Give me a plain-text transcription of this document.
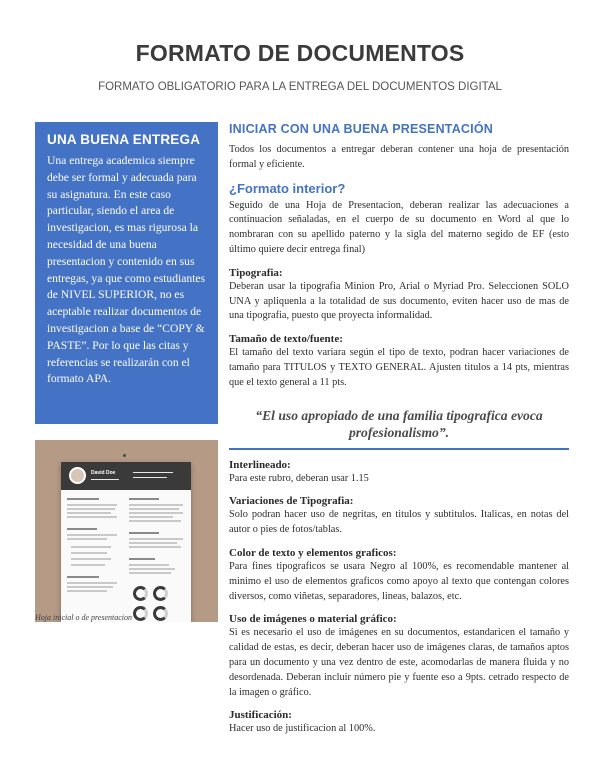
FORMATO DE DOCUMENTOS

FORMATO OBLIGATORIO PARA LA ENTREGA DEL DOCUMENTOS DIGITAL

UNA BUENA ENTREGA

Una entrega academica siempre debe ser formal y adecuada para su asignatura. En este caso particular, siendo el area de investigacion, es mas rigurosa la necesidad de una buena presentacion y contenido en sus entregas, ya que como estudiantes de NIVEL SUPERIOR, no es aceptable realizar documentos de investigacion a base de “COPY & PASTE”. Por lo que las citas y referencias se realizarán con el formato APA.

David Doe

Hoja inicial o de presentacion

INICIAR CON UNA BUENA PRESENTACIÓN

Todos los documentos a entregar deberan contener una hoja de presentación formal y eficiente.

¿Formato interior?

Seguido de una Hoja de Presentacion, deberan realizar las adecuaciones a continuacion señaladas, en el cuerpo de su documento en Word al que lo nombraran con su apellido paterno y la sigla del materno segido de EF (esto último quiere decir entrega final)

Tipografia:

Deberan usar la tipografia Minion Pro, Arial o Myriad Pro. Seleccionen SOLO UNA y apliquenla a la totalidad de sus documento, eviten hacer uso de mas de una tipografia, puesto que proyecta informalidad.

Tamaño de texto/fuente:

El tamaño del texto variara según el tipo de texto, podran hacer variaciones de tamaño para TITULOS y TEXTO GENERAL. Ajusten titulos a 14 pts, mientras que el texto general a 11 pts.

“El uso apropiado de una familia tipografica evoca profesionalismo”.
Interlineado:

Para este rubro, deberan usar 1.15

Variaciones de Tipografia:

Solo podran hacer uso de negritas, en titulos y subtitulos. Italicas, en notas del autor o pies de fotos/tablas.

Color de texto y elementos graficos:

Para fines tipograficos se usara Negro al 100%, es recomendable mantener al minimo el uso de elementos graficos como apoyo al texto que contengan colores diversos, como viñetas, separadores, lineas, balazos, etc.

Uso de imágenes o material gráfico:

Si es necesario el uso de imágenes en su documentos, estandaricen el tamaño y calidad de estas, es decir, deberan hacer uso de imágenes claras, de tamaños aptos para un documento y una vez dentro de este, acomodarlas de manera fluida y no desordenada. Deberan incluir número pie y fuente eso a 9pts. cetrado respecto de la imagen o gráfico.

Justificación:

Hacer uso de justificacion al 100%.
